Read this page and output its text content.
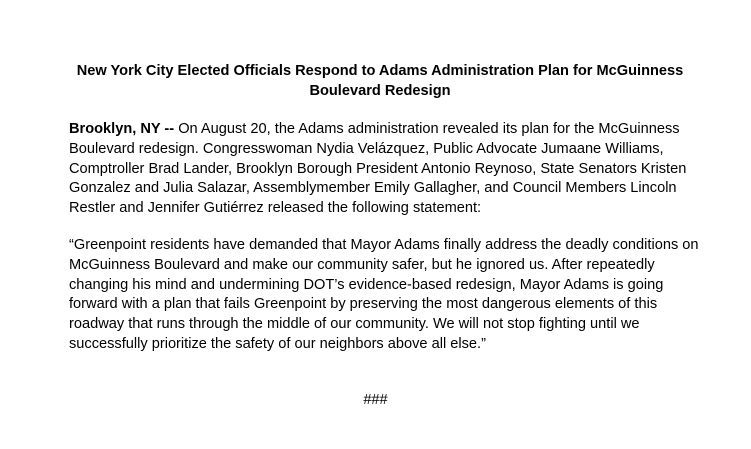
New York City Elected Officials Respond to Adams Administration Plan for McGuinness Boulevard Redesign

Brooklyn, NY -- On August 20, the Adams administration revealed its plan for the McGuinness Boulevard redesign. Congresswoman Nydia Velázquez, Public Advocate Jumaane Williams, Comptroller Brad Lander, Brooklyn Borough President Antonio Reynoso, State Senators Kristen Gonzalez and Julia Salazar, Assemblymember Emily Gallagher, and Council Members Lincoln Restler and Jennifer Gutiérrez released the following statement:

“Greenpoint residents have demanded that Mayor Adams finally address the deadly conditions on McGuinness Boulevard and make our community safer, but he ignored us. After repeatedly changing his mind and undermining DOT’s evidence-based redesign, Mayor Adams is going forward with a plan that fails Greenpoint by preserving the most dangerous elements of this roadway that runs through the middle of our community. We will not stop fighting until we successfully prioritize the safety of our neighbors above all else.”

###
